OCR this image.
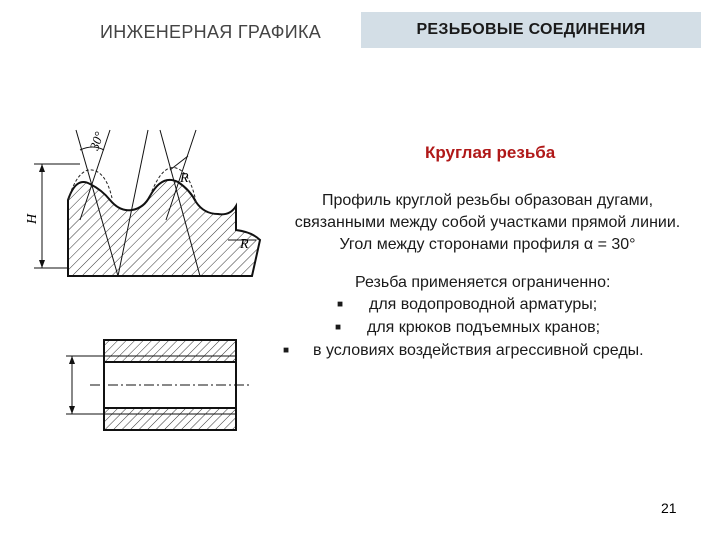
ИНЖЕНЕРНАЯ ГРАФИКА	РЕЗЬБОВЫЕ СОЕДИНЕНИЯ
30°
R
R
H
Круглая резьба
Профиль круглой резьбы образован дугами, связанными между собой участками прямой линии. Угол между сторонами профиля α = 30°
Резьба применяется ограниченно:
■ для водопроводной арматуры;
■ для крюков подъемных кранов;
■ в условиях воздействия агрессивной среды.
21
